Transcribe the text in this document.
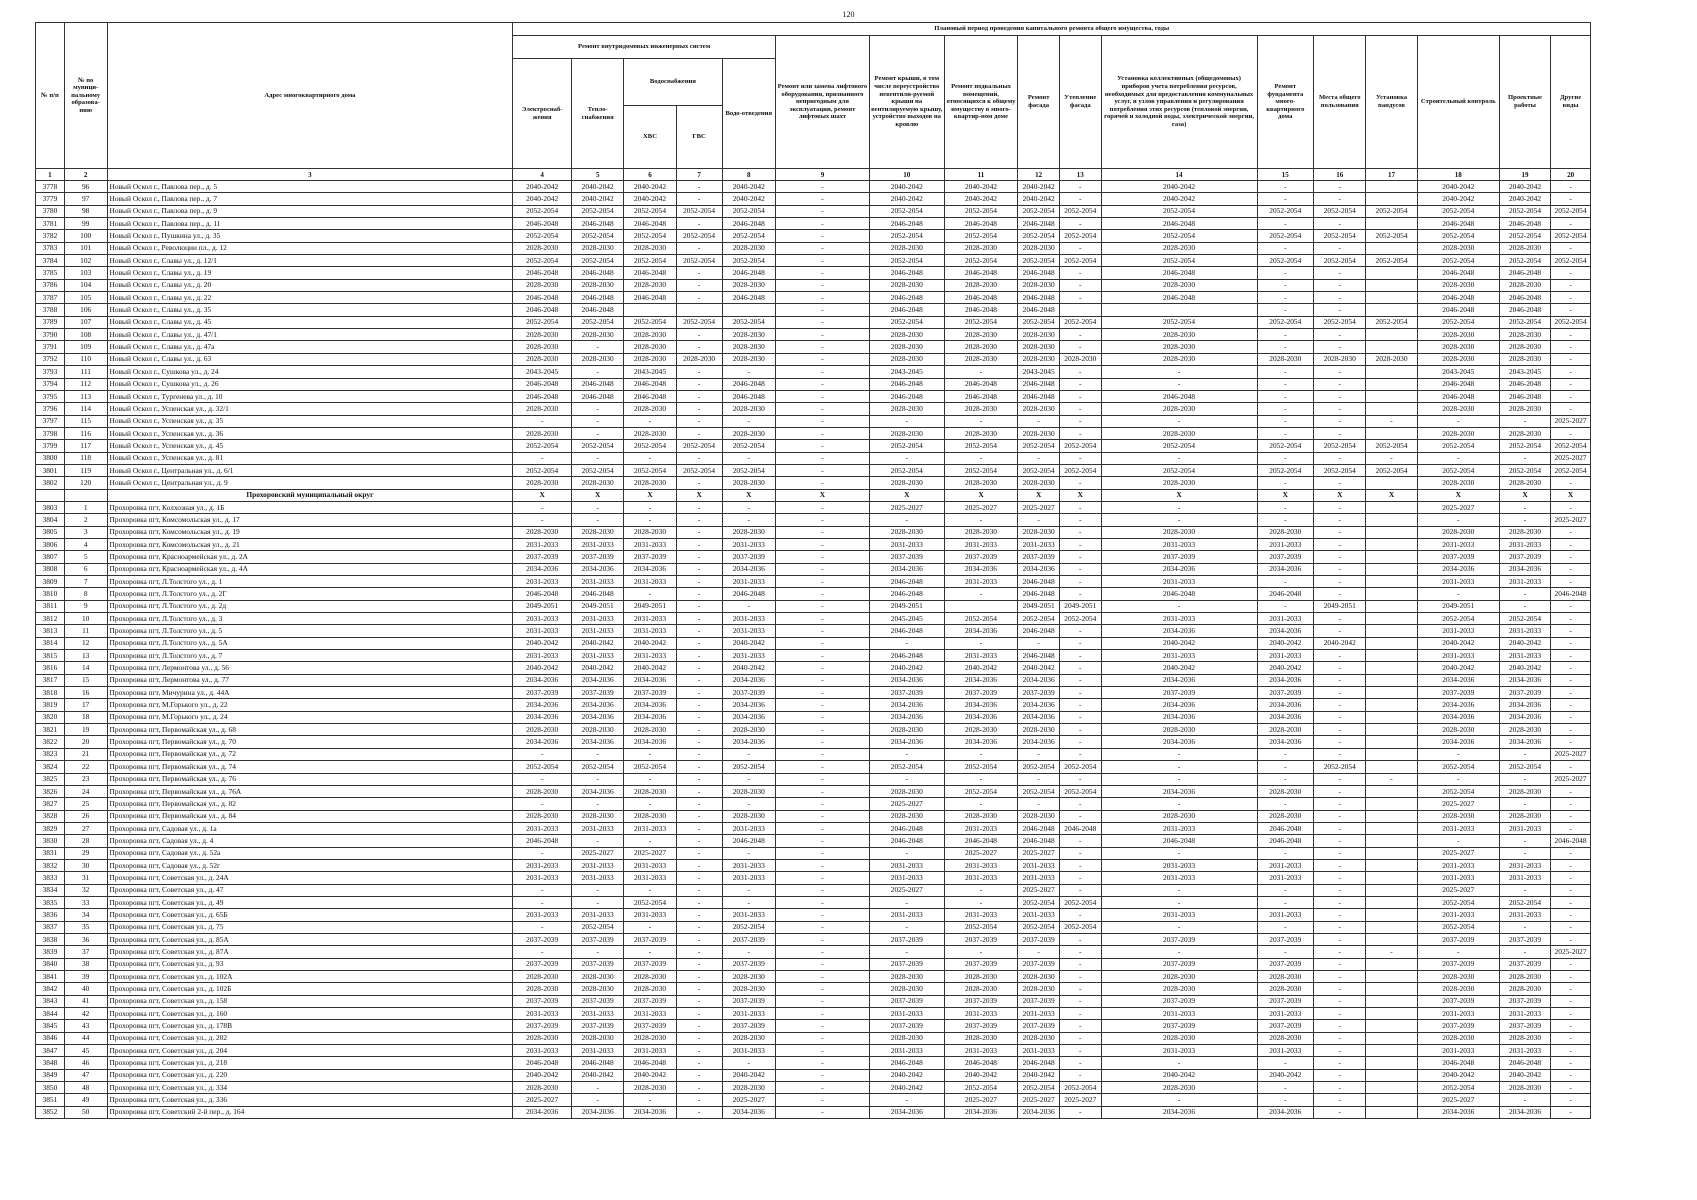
120
№ п/п	№ по муници-пальному образова-нию	Адрес многоквартирного дома	Плановый период проведения капитального ремонта общего имущества, годы																
			Ремонт внутридомовых инженерных систем					Ремонт или замена лифтового оборудования, признанного непригодным для эксплуатации, ремонт лифтовых шахт	Ремонт крыши, в том числе переустройство невентили-руемой крыши на вентилируемую крышу, устройство выходов на кровлю	Ремонт подвальных помещений, относящихся к общему имуществу в много-квартир-ном доме	Ремонт фасада	Утепление фасада	Установка коллективных (общедомовых) приборов учета потребления ресурсов, необходимых для предоставления коммунальных услуг, и узлов управления и регулирования потребления этих ресурсов (тепловой энергии, горячей и холодной воды, электрической энергии, газа)	Ремонт фундамента много-квартирного дома	Места общего пользования	Установка пандусов	Строительный контроль	Проектные работы	Другие виды
			Электроснаб-жения	Тепло-снабжения	Водоснабжения		Водо-отведения												
					ХВС	ГВС													
1	2	3	4	5	6	7	8	9	10	11	12	13	14	15	16	17	18	19	20
3778	96	Новый Оскол г., Павлова пер., д. 5	2040-2042	2040-2042	2040-2042	-	2040-2042	-	2040-2042	2040-2042	2040-2042	-	2040-2042	-	-		2040-2042	2040-2042	-
3779	97	Новый Оскол г., Павлова пер., д. 7	2040-2042	2040-2042	2040-2042	-	2040-2042	-	2040-2042	2040-2042	2040-2042	-	2040-2042	-	-		2040-2042	2040-2042	-
3780	98	Новый Оскол г., Павлова пер., д. 9	2052-2054	2052-2054	2052-2054	2052-2054	2052-2054	-	2052-2054	2052-2054	2052-2054	2052-2054	2052-2054	2052-2054	2052-2054	2052-2054	2052-2054	2052-2054	2052-2054
3781	99	Новый Оскол г., Павлова пер., д. 11	2046-2048	2046-2048	2046-2048	-	2046-2048	-	2046-2048	2046-2048	2046-2048	-	2046-2048	-	-		2046-2048	2046-2048	-
3782	100	Новый Оскол г., Пушкина ул., д. 35	2052-2054	2052-2054	2052-2054	2052-2054	2052-2054	-	2052-2054	2052-2054	2052-2054	2052-2054	2052-2054	2052-2054	2052-2054	2052-2054	2052-2054	2052-2054	2052-2054
3783	101	Новый Оскол г., Революции пл., д. 12	2028-2030	2028-2030	2028-2030	-	2028-2030	-	2028-2030	2028-2030	2028-2030	-	2028-2030	-	-		2028-2030	2028-2030	-
3784	102	Новый Оскол г., Славы ул., д. 12/1	2052-2054	2052-2054	2052-2054	2052-2054	2052-2054	-	2052-2054	2052-2054	2052-2054	2052-2054	2052-2054	2052-2054	2052-2054	2052-2054	2052-2054	2052-2054	2052-2054
3785	103	Новый Оскол г., Славы ул., д. 19	2046-2048	2046-2048	2046-2048	-	2046-2048	-	2046-2048	2046-2048	2046-2048	-	2046-2048	-	-		2046-2048	2046-2048	-
3786	104	Новый Оскол г., Славы ул., д. 20	2028-2030	2028-2030	2028-2030	-	2028-2030	-	2028-2030	2028-2030	2028-2030	-	2028-2030	-	-		2028-2030	2028-2030	-
3787	105	Новый Оскол г., Славы ул., д. 22	2046-2048	2046-2048	2046-2048	-	2046-2048	-	2046-2048	2046-2048	2046-2048	-	2046-2048	-	-		2046-2048	2046-2048	-
3788	106	Новый Оскол г., Славы ул., д. 35	2046-2048	2046-2048				-	2046-2048	2046-2048	2046-2048			-	-		2046-2048	2046-2048	-
3789	107	Новый Оскол г., Славы ул., д. 45	2052-2054	2052-2054	2052-2054	2052-2054	2052-2054	-	2052-2054	2052-2054	2052-2054	2052-2054	2052-2054	2052-2054	2052-2054	2052-2054	2052-2054	2052-2054	2052-2054
3790	108	Новый Оскол г., Славы ул., д. 47/1	2028-2030	2028-2030	2028-2030	-	2028-2030	-	2028-2030	2028-2030	2028-2030	-	2028-2030	-	-		2028-2030	2028-2030	-
3791	109	Новый Оскол г., Славы ул., д. 47а	2028-2030	-	2028-2030	-	2028-2030	-	2028-2030	2028-2030	2028-2030	-	2028-2030	-	-		2028-2030	2028-2030	-
3792	110	Новый Оскол г., Славы ул., д. 63	2028-2030	2028-2030	2028-2030	2028-2030	2028-2030	-	2028-2030	2028-2030	2028-2030	2028-2030	2028-2030	2028-2030	2028-2030	2028-2030	2028-2030	2028-2030	-
3793	111	Новый Оскол г., Сушкова ул., д. 24	2043-2045	-	2043-2045	-	-	-	2043-2045	-	2043-2045	-	-	-	-		2043-2045	2043-2045	-
3794	112	Новый Оскол г., Сушкова ул., д. 26	2046-2048	2046-2048	2046-2048	-	2046-2048	-	2046-2048	2046-2048	2046-2048	-	-	-	-		2046-2048	2046-2048	-
3795	113	Новый Оскол г., Тургенева ул., д. 10	2046-2048	2046-2048	2046-2048	-	2046-2048	-	2046-2048	2046-2048	2046-2048	-	2046-2048	-	-		2046-2048	2046-2048	-
3796	114	Новый Оскол г., Успенская ул., д. 32/1	2028-2030	-	2028-2030	-	2028-2030	-	2028-2030	2028-2030	2028-2030	-	2028-2030	-	-		2028-2030	2028-2030	-
3797	115	Новый Оскол г., Успенская ул., д. 35	-	-	-	-	-	-	-	-	-	-	-	-	-	-	-	-	2025-2027
3798	116	Новый Оскол г., Успенская ул., д. 36	2028-2030	-	2028-2030	-	2028-2030	-	2028-2030	2028-2030	2028-2030	-	2028-2030	-	-		2028-2030	2028-2030	-
3799	117	Новый Оскол г., Успенская ул., д. 45	2052-2054	2052-2054	2052-2054	2052-2054	2052-2054	-	2052-2054	2052-2054	2052-2054	2052-2054	2052-2054	2052-2054	2052-2054	2052-2054	2052-2054	2052-2054	2052-2054
3800	118	Новый Оскол г., Успенская ул., д. 81	-	-	-	-	-	-	-	-	-	-	-	-	-	-	-	-	2025-2027
3801	119	Новый Оскол г., Центральная ул., д. 6/1	2052-2054	2052-2054	2052-2054	2052-2054	2052-2054	-	2052-2054	2052-2054	2052-2054	2052-2054	2052-2054	2052-2054	2052-2054	2052-2054	2052-2054	2052-2054	2052-2054
3802	120	Новый Оскол г., Центральная ул., д. 9	2028-2030	2028-2030	2028-2030	-	2028-2030	-	2028-2030	2028-2030	2028-2030	-	2028-2030	-	-		2028-2030	2028-2030	-
		Прохоровский муниципальный округ	X	X	X	X	X	X	X	X	X	X	X	X	X	X	X	X	X
3803	1	Прохоровка пгт, Колхозная ул., д. 1Б	-	-	-	-	-	-	2025-2027	2025-2027	2025-2027	-	-	-	-		2025-2027	-	-
3804	2	Прохоровка пгт, Комсомольская ул., д. 17	-	-	-	-	-	-	-	-	-	-	-	-	-		-	-	2025-2027
3805	3	Прохоровка пгт, Комсомольская ул., д. 19	2028-2030	2028-2030	2028-2030	-	2028-2030	-	2028-2030	2028-2030	2028-2030	-	2028-2030	2028-2030	-		2028-2030	2028-2030	-
3806	4	Прохоровка пгт, Комсомольская ул., д. 21	2031-2033	2031-2033	2031-2033	-	2031-2033	-	2031-2033	2031-2033	2031-2033	-	2031-2033	2031-2033	-		2031-2033	2031-2033	-
3807	5	Прохоровка пгт, Красноармейская ул., д. 2А	2037-2039	2037-2039	2037-2039	-	2037-2039	-	2037-2039	2037-2039	2037-2039	-	2037-2039	2037-2039	-		2037-2039	2037-2039	-
3808	6	Прохоровка пгт, Красноармейская ул., д. 4А	2034-2036	2034-2036	2034-2036	-	2034-2036	-	2034-2036	2034-2036	2034-2036	-	2034-2036	2034-2036	-		2034-2036	2034-2036	-
3809	7	Прохоровка пгт, Л.Толстого ул., д. 1	2031-2033	2031-2033	2031-2033	-	2031-2033	-	2046-2048	2031-2033	2046-2048	-	2031-2033	-	-		2031-2033	2031-2033	-
3810	8	Прохоровка пгт, Л.Толстого ул., д. 2Г	2046-2048	2046-2048	-	-	2046-2048	-	2046-2048	-	2046-2048	-	2046-2048	2046-2048	-		-	-	2046-2048
3811	9	Прохоровка пгт, Л.Толстого ул., д. 2д	2049-2051	2049-2051	2049-2051	-	-	-	2049-2051		2049-2051	2049-2051	-	-	2049-2051		2049-2051	-	-
3812	10	Прохоровка пгт, Л.Толстого ул., д. 3	2031-2033	2031-2033	2031-2033	-	2031-2033	-	2045-2045	2052-2054	2052-2054	2052-2054	2031-2033	2031-2033	-		2052-2054	2052-2054	-
3813	11	Прохоровка пгт, Л.Толстого ул., д. 5	2031-2033	2031-2033	2031-2033	-	2031-2033	-	2046-2048	2034-2036	2046-2048	-	2034-2036	2034-2036	-		2031-2033	2031-2033	-
3814	12	Прохоровка пгт, Л.Толстого ул., д. 5А	2040-2042	2040-2042	2040-2042	-	2040-2042	-	-	-	-	-	2040-2042	2040-2042	2040-2042		2040-2042	2040-2042	-
3815	13	Прохоровка пгт, Л.Толстого ул., д. 7	2031-2033	2031-2033	2031-2033	-	2031-2033	-	2046-2048	2031-2033	2046-2048	-	2031-2033	2031-2033	-		2031-2033	2031-2033	-
3816	14	Прохоровка пгт, Лермонтова ул., д. 56	2040-2042	2040-2042	2040-2042	-	2040-2042	-	2040-2042	2040-2042	2040-2042	-	2040-2042	2040-2042	-		2040-2042	2040-2042	-
3817	15	Прохоровка пгт, Лермонтова ул., д. 77	2034-2036	2034-2036	2034-2036	-	2034-2036	-	2034-2036	2034-2036	2034-2036	-	2034-2036	2034-2036	-		2034-2036	2034-2036	-
3818	16	Прохоровка пгт, Мичурина ул., д. 44А	2037-2039	2037-2039	2037-2039	-	2037-2039	-	2037-2039	2037-2039	2037-2039	-	2037-2039	2037-2039	-		2037-2039	2037-2039	-
3819	17	Прохоровка пгт, М.Горького ул., д. 22	2034-2036	2034-2036	2034-2036	-	2034-2036	-	2034-2036	2034-2036	2034-2036	-	2034-2036	2034-2036	-		2034-2036	2034-2036	-
3820	18	Прохоровка пгт, М.Горького ул., д. 24	2034-2036	2034-2036	2034-2036	-	2034-2036	-	2034-2036	2034-2036	2034-2036	-	2034-2036	2034-2036	-		2034-2036	2034-2036	-
3821	19	Прохоровка пгт, Первомайская ул., д. 68	2028-2030	2028-2030	2028-2030	-	2028-2030	-	2028-2030	2028-2030	2028-2030	-	2028-2030	2028-2030	-		2028-2030	2028-2030	-
3822	20	Прохоровка пгт, Первомайская ул., д. 70	2034-2036	2034-2036	2034-2036	-	2034-2036	-	2034-2036	2034-2036	2034-2036	-	2034-2036	2034-2036	-		2034-2036	2034-2036	-
3823	21	Прохоровка пгт, Первомайская ул., д. 72	-	-	-	-	-	-	-	-	-	-	-	-	-		-	-	2025-2027
3824	22	Прохоровка пгт, Первомайская ул., д. 74	2052-2054	2052-2054	2052-2054	-	2052-2054	-	2052-2054	2052-2054	2052-2054	2052-2054	-	-	2052-2054		2052-2054	2052-2054	-
3825	23	Прохоровка пгт, Первомайская ул., д. 76	-	-	-	-	-	-	-	-	-	-	-	-	-	-	-	-	2025-2027
3826	24	Прохоровка пгт, Первомайская ул., д. 76А	2028-2030	2034-2036	2028-2030	-	2028-2030	-	2028-2030	2052-2054	2052-2054	2052-2054	2034-2036	2028-2030	-		2052-2054	2028-2030	-
3827	25	Прохоровка пгт, Первомайская ул., д. 82	-	-	-	-	-	-	2025-2027	-	-	-	-	-	-		2025-2027	-	-
3828	26	Прохоровка пгт, Первомайская ул., д. 84	2028-2030	2028-2030	2028-2030	-	2028-2030	-	2028-2030	2028-2030	2028-2030	-	2028-2030	2028-2030	-		2028-2030	2028-2030	-
3829	27	Прохоровка пгт, Садовая ул., д. 1а	2031-2033	2031-2033	2031-2033	-	2031-2033	-	2046-2048	2031-2033	2046-2048	2046-2048	2031-2033	2046-2048	-		2031-2033	2031-2033	-
3830	28	Прохоровка пгт, Садовая ул., д. 4	2046-2048	-	-	-	2046-2048	-	2046-2048	2046-2048	2046-2048	-	2046-2048	2046-2048	-		-	-	2046-2048
3831	29	Прохоровка пгт, Садовая ул., д. 52а	-	2025-2027	2025-2027	-	-	-	-	2025-2027	2025-2027	-	-	-	-		2025-2027	-	-
3832	30	Прохоровка пгт, Садовая ул., д. 52г	2031-2033	2031-2033	2031-2033	-	2031-2033	-	2031-2033	2031-2033	2031-2033	-	2031-2033	2031-2033	-		2031-2033	2031-2033	-
3833	31	Прохоровка пгт, Советская ул., д. 24А	2031-2033	2031-2033	2031-2033	-	2031-2033	-	2031-2033	2031-2033	2031-2033	-	2031-2033	2031-2033	-		2031-2033	2031-2033	-
3834	32	Прохоровка пгт, Советская ул., д. 47	-	-	-	-	-	-	2025-2027	-	2025-2027	-	-	-	-		2025-2027	-	-
3835	33	Прохоровка пгт, Советская ул., д. 49	-	-	2052-2054	-	-	-	-	-	2052-2054	2052-2054	-	-	-		2052-2054	2052-2054	-
3836	34	Прохоровка пгт, Советская ул., д. 65Б	2031-2033	2031-2033	2031-2033	-	2031-2033	-	2031-2033	2031-2033	2031-2033	-	2031-2033	2031-2033	-		2031-2033	2031-2033	-
3837	35	Прохоровка пгт, Советская ул., д. 75	-	2052-2054	-	-	2052-2054	-	-	2052-2054	2052-2054	2052-2054	-	-	-		2052-2054	-	-
3838	36	Прохоровка пгт, Советская ул., д. 85А	2037-2039	2037-2039	2037-2039	-	2037-2039	-	2037-2039	2037-2039	2037-2039	-	2037-2039	2037-2039	-		2037-2039	2037-2039	-
3839	37	Прохоровка пгт, Советская ул., д. 87А	-	-	-	-	-	-	-	-	-	-	-	-	-	-	-	-	2025-2027
3840	38	Прохоровка пгт, Советская ул., д. 93	2037-2039	2037-2039	2037-2039	-	2037-2039	-	2037-2039	2037-2039	2037-2039	-	2037-2039	2037-2039	-		2037-2039	2037-2039	-
3841	39	Прохоровка пгт, Советская ул., д. 102А	2028-2030	2028-2030	2028-2030	-	2028-2030	-	2028-2030	2028-2030	2028-2030	-	2028-2030	2028-2030	-		2028-2030	2028-2030	-
3842	40	Прохоровка пгт, Советская ул., д. 102Б	2028-2030	2028-2030	2028-2030	-	2028-2030	-	2028-2030	2028-2030	2028-2030	-	2028-2030	2028-2030	-		2028-2030	2028-2030	-
3843	41	Прохоровка пгт, Советская ул., д. 158	2037-2039	2037-2039	2037-2039	-	2037-2039	-	2037-2039	2037-2039	2037-2039	-	2037-2039	2037-2039	-		2037-2039	2037-2039	-
3844	42	Прохоровка пгт, Советская ул., д. 160	2031-2033	2031-2033	2031-2033	-	2031-2033	-	2031-2033	2031-2033	2031-2033	-	2031-2033	2031-2033	-		2031-2033	2031-2033	-
3845	43	Прохоровка пгт, Советская ул., д. 178В	2037-2039	2037-2039	2037-2039	-	2037-2039	-	2037-2039	2037-2039	2037-2039	-	2037-2039	2037-2039	-		2037-2039	2037-2039	-
3846	44	Прохоровка пгт, Советская ул., д. 202	2028-2030	2028-2030	2028-2030	-	2028-2030	-	2028-2030	2028-2030	2028-2030	-	2028-2030	2028-2030	-		2028-2030	2028-2030	-
3847	45	Прохоровка пгт, Советская ул., д. 204	2031-2033	2031-2033	2031-2033	-	2031-2033	-	2031-2033	2031-2033	2031-2033	-	2031-2033	2031-2033	-		2031-2033	2031-2033	-
3848	46	Прохоровка пгт, Советская ул., д. 218	2046-2048	2046-2048	2046-2048	-	-	-	2046-2048	2046-2048	2046-2048	-	-	-	-		2046-2048	2046-2048	-
3849	47	Прохоровка пгт, Советская ул., д. 220	2040-2042	2040-2042	2040-2042	-	2040-2042	-	2040-2042	2040-2042	2040-2042	-	2040-2042	2040-2042	-		2040-2042	2040-2042	-
3850	48	Прохоровка пгт, Советская ул., д. 334	2028-2030	-	2028-2030	-	2028-2030	-	2040-2042	2052-2054	2052-2054	2052-2054	2028-2030	-	-		2052-2054	2028-2030	-
3851	49	Прохоровка пгт, Советская ул., д. 336	2025-2027	-	-	-	2025-2027	-	-	2025-2027	2025-2027	2025-2027	-	-	-		2025-2027	-	-
3852	50	Прохоровка пгт, Советский 2-й пер., д. 164	2034-2036	2034-2036	2034-2036	-	2034-2036	-	2034-2036	2034-2036	2034-2036	-	2034-2036	2034-2036	-		2034-2036	2034-2036	-
